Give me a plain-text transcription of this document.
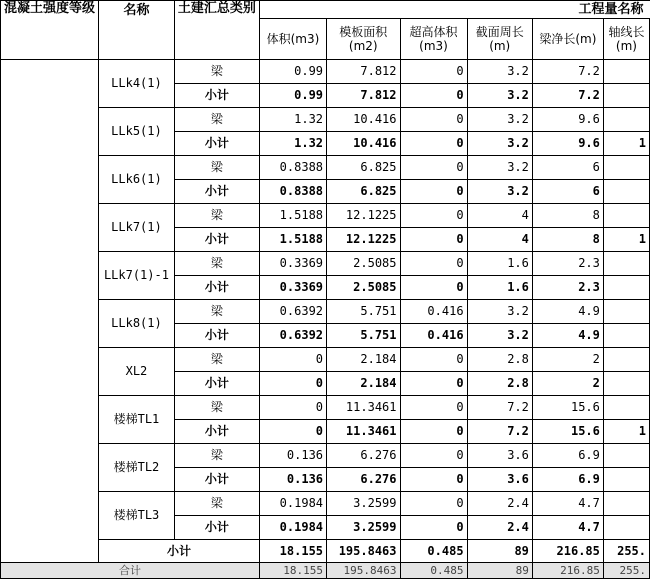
混凝土强度等级	名称	土建汇总类别	工程量名称					
			体积(m3)	模板面积(m2)	超高体积(m3)	截面周长(m)	梁净长(m)	轴线长(m)
	LLk4(1)	梁	0.99	7.812	0	3.2	7.2	
		小计	0.99	7.812	0	3.2	7.2	
	LLk5(1)	梁	1.32	10.416	0	3.2	9.6	
		小计	1.32	10.416	0	3.2	9.6	1
	LLk6(1)	梁	0.8388	6.825	0	3.2	6	
		小计	0.8388	6.825	0	3.2	6	
	LLk7(1)	梁	1.5188	12.1225	0	4	8	
		小计	1.5188	12.1225	0	4	8	1
	LLk7(1)-1	梁	0.3369	2.5085	0	1.6	2.3	
		小计	0.3369	2.5085	0	1.6	2.3	
	LLk8(1)	梁	0.6392	5.751	0.416	3.2	4.9	
		小计	0.6392	5.751	0.416	3.2	4.9	
	XL2	梁	0	2.184	0	2.8	2	
		小计	0	2.184	0	2.8	2	
	楼梯TL1	梁	0	11.3461	0	7.2	15.6	
		小计	0	11.3461	0	7.2	15.6	1
	楼梯TL2	梁	0.136	6.276	0	3.6	6.9	
		小计	0.136	6.276	0	3.6	6.9	
	楼梯TL3	梁	0.1984	3.2599	0	2.4	4.7	
		小计	0.1984	3.2599	0	2.4	4.7	
	小计		18.155	195.8463	0.485	89	216.85	255.
合计			18.155	195.8463	0.485	89	216.85	255.
